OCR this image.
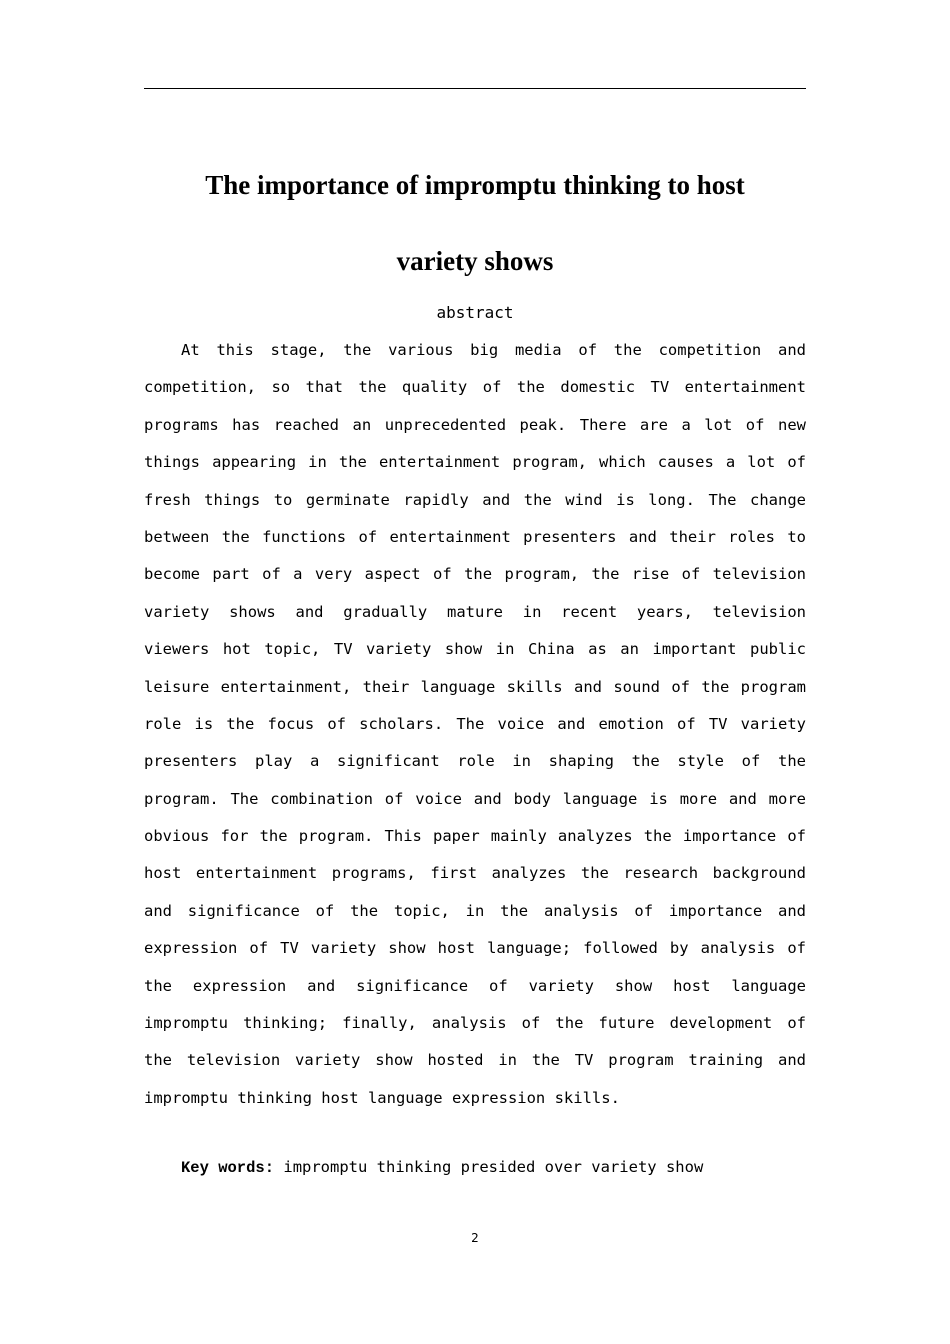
The importance of impromptu thinking to host
variety shows
abstract
At this stage, the various big media of the competition and
competition, so that the quality of the domestic TV entertainment
programs has reached an unprecedented peak. There are a lot of new
things appearing in the entertainment program, which causes a lot of
fresh things to germinate rapidly and the wind is long. The change
between the functions of entertainment presenters and their roles to
become part of a very aspect of the program, the rise of television
variety shows and gradually mature in recent years, television
viewers hot topic, TV variety show in China as an important public
leisure entertainment, their language skills and sound of the program
role is the focus of scholars. The voice and emotion of TV variety
presenters play a significant role in shaping the style of the
program. The combination of voice and body language is more and more
obvious for the program. This paper mainly analyzes the importance of
host entertainment programs, first analyzes the research background
and significance of the topic, in the analysis of importance and
expression of TV variety show host language; followed by analysis of
the expression and significance of variety show host language
impromptu thinking; finally, analysis of the future development of
the television variety show hosted in the TV program training and
impromptu thinking host language expression skills.
Key words: impromptu thinking presided over variety show
2
